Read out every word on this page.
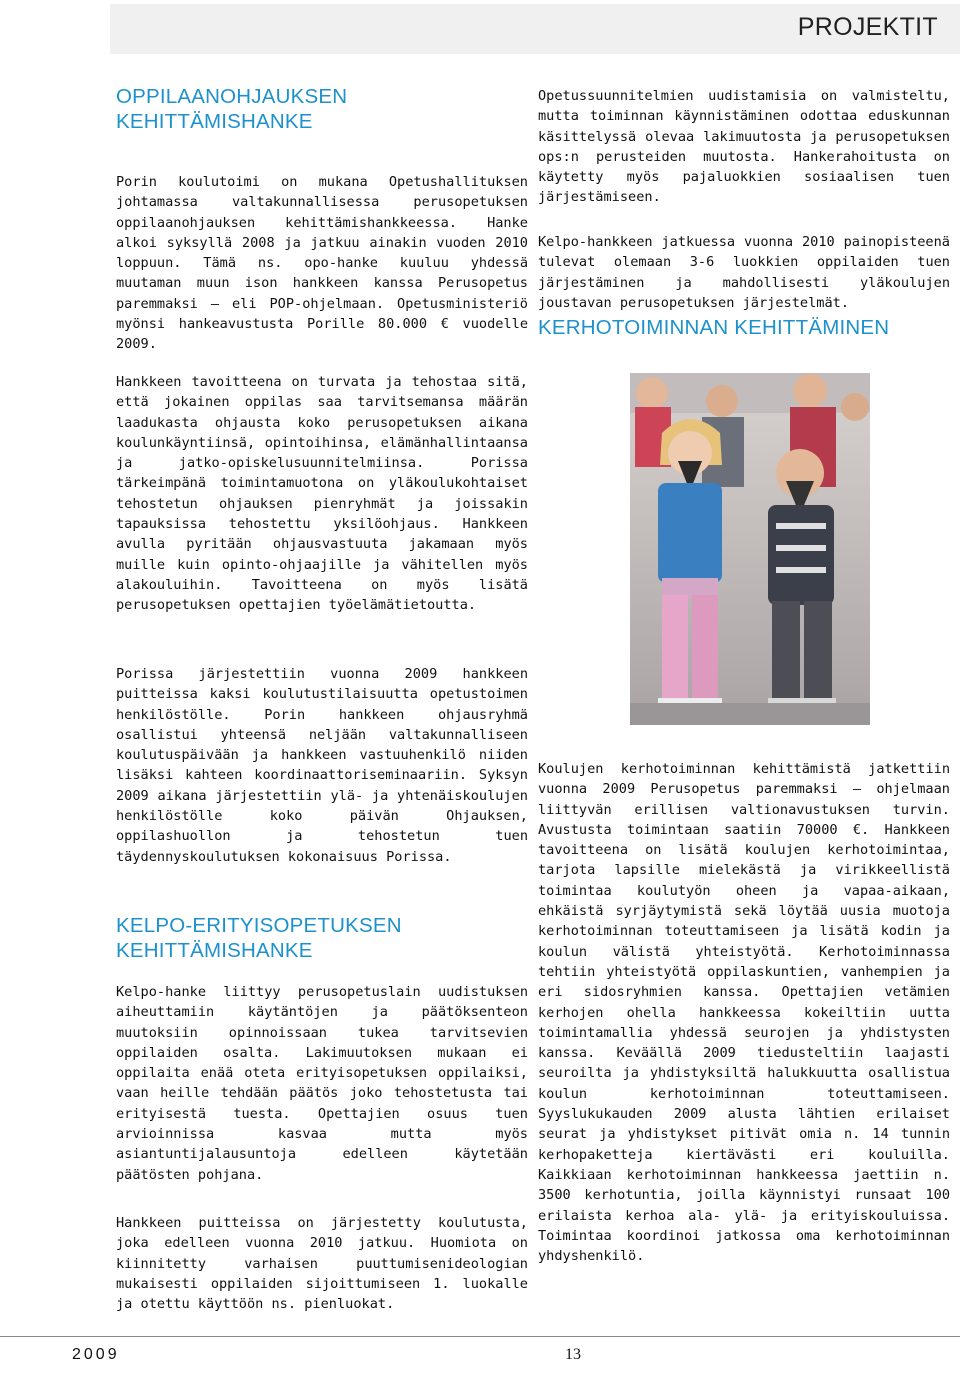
PROJEKTIT
OPPILAANOHJAUKSEN KEHITTÄMISHANKE

Porin koulutoimi on mukana Opetushallituksen johtamassa valtakunnallisessa perusopetuksen oppilaanohjauksen kehittämishankkeessa. Hanke alkoi syksyllä 2008 ja jatkuu ainakin vuoden 2010 loppuun. Tämä ns. opo-hanke kuuluu yhdessä muutaman muun ison hankkeen kanssa Perusopetus paremmaksi – eli POP-ohjelmaan. Opetusministeriö myönsi hankeavustusta Porille 80.000 € vuodelle 2009.

Hankkeen tavoitteena on turvata ja tehostaa sitä, että jokainen oppilas saa tarvitsemansa määrän laadukasta ohjausta koko perusopetuksen aikana koulunkäyntiinsä, opintoihinsa, elämänhallintaansa ja jatko-opiskelusuunnitelmiinsa. Porissa tärkeimpänä toimintamuotona on yläkoulukohtaiset tehostetun ohjauksen pienryhmät ja joissakin tapauksissa tehostettu yksilöohjaus. Hankkeen avulla pyritään ohjausvastuuta jakamaan myös muille kuin opinto-ohjaajille ja vähitellen myös alakouluihin. Tavoitteena on myös lisätä perusopetuksen opettajien työelämätietoutta.

Porissa järjestettiin vuonna 2009 hankkeen puitteissa kaksi koulutustilaisuutta opetustoimen henkilöstölle. Porin hankkeen ohjausryhmä osallistui yhteensä neljään valtakunnalliseen koulutuspäivään ja hankkeen vastuuhenkilö niiden lisäksi kahteen koordinaattoriseminaariin. Syksyn 2009 aikana järjestettiin ylä- ja yhtenäiskoulujen henkilöstölle koko päivän Ohjauksen, oppilashuollon ja tehostetun tuen täydennyskoulutuksen kokonaisuus Porissa.

KELPO-ERITYISOPETUKSEN KEHITTÄMISHANKE

Kelpo-hanke liittyy perusopetuslain uudistuksen aiheuttamiin käytäntöjen ja päätöksenteon muutoksiin opinnoissaan tukea tarvitsevien oppilaiden osalta. Lakimuutoksen mukaan ei oppilaita enää oteta erityisopetuksen oppilaiksi, vaan heille tehdään päätös joko tehostetusta tai erityisestä tuesta. Opettajien osuus tuen arvioinnissa kasvaa mutta myös asiantuntijalausuntoja edelleen käytetään päätösten pohjana.

Hankkeen puitteissa on järjestetty koulutusta, joka edelleen vuonna 2010 jatkuu. Huomiota on kiinnitetty varhaisen puuttumisenideologian mukaisesti oppilaiden sijoittumiseen 1. luokalle ja otettu käyttöön ns. pienluokat.

Opetussuunnitelmien uudistamisia on valmisteltu, mutta toiminnan käynnistäminen odottaa eduskunnan käsittelyssä olevaa lakimuutosta ja perusopetuksen ops:n perusteiden muutosta. Hankerahoitusta on käytetty myös pajaluokkien sosiaalisen tuen järjestämiseen.

Kelpo-hankkeen jatkuessa vuonna 2010 painopisteenä tulevat olemaan 3-6 luokkien oppilaiden tuen järjestäminen ja mahdollisesti yläkoulujen joustavan perusopetuksen järjestelmät.

KERHOTOIMINNAN KEHITTÄMINEN

Koulujen kerhotoiminnan kehittämistä jatkettiin vuonna 2009 Perusopetus paremmaksi – ohjelmaan liittyvän erillisen valtionavustuksen turvin. Avustusta toimintaan saatiin 70000 €. Hankkeen tavoitteena on lisätä koulujen kerhotoimintaa, tarjota lapsille mielekästä ja virikkeellistä toimintaa koulutyön oheen ja vapaa-aikaan, ehkäistä syrjäytymistä sekä löytää uusia muotoja kerhotoiminnan toteuttamiseen ja lisätä kodin ja koulun välistä yhteistyötä. Kerhotoiminnassa tehtiin yhteistyötä oppilaskuntien, vanhempien ja eri sidosryhmien kanssa. Opettajien vetämien kerhojen ohella hankkeessa kokeiltiin uutta toimintamallia yhdessä seurojen ja yhdistysten kanssa. Keväällä 2009 tiedusteltiin laajasti seuroilta ja yhdistyksiltä halukkuutta osallistua koulun kerhotoiminnan toteuttamiseen. Syyslukukauden 2009 alusta lähtien erilaiset seurat ja yhdistykset pitivät omia n. 14 tunnin kerhopaketteja kiertävästi eri kouluilla. Kaikkiaan kerhotoiminnan hankkeessa jaettiin n. 3500 kerhotuntia, joilla käynnistyi runsaat 100 erilaista kerhoa ala- ylä- ja erityiskouluissa. Toimintaa koordinoi jatkossa oma kerhotoiminnan yhdyshenkilö.

2009	13
